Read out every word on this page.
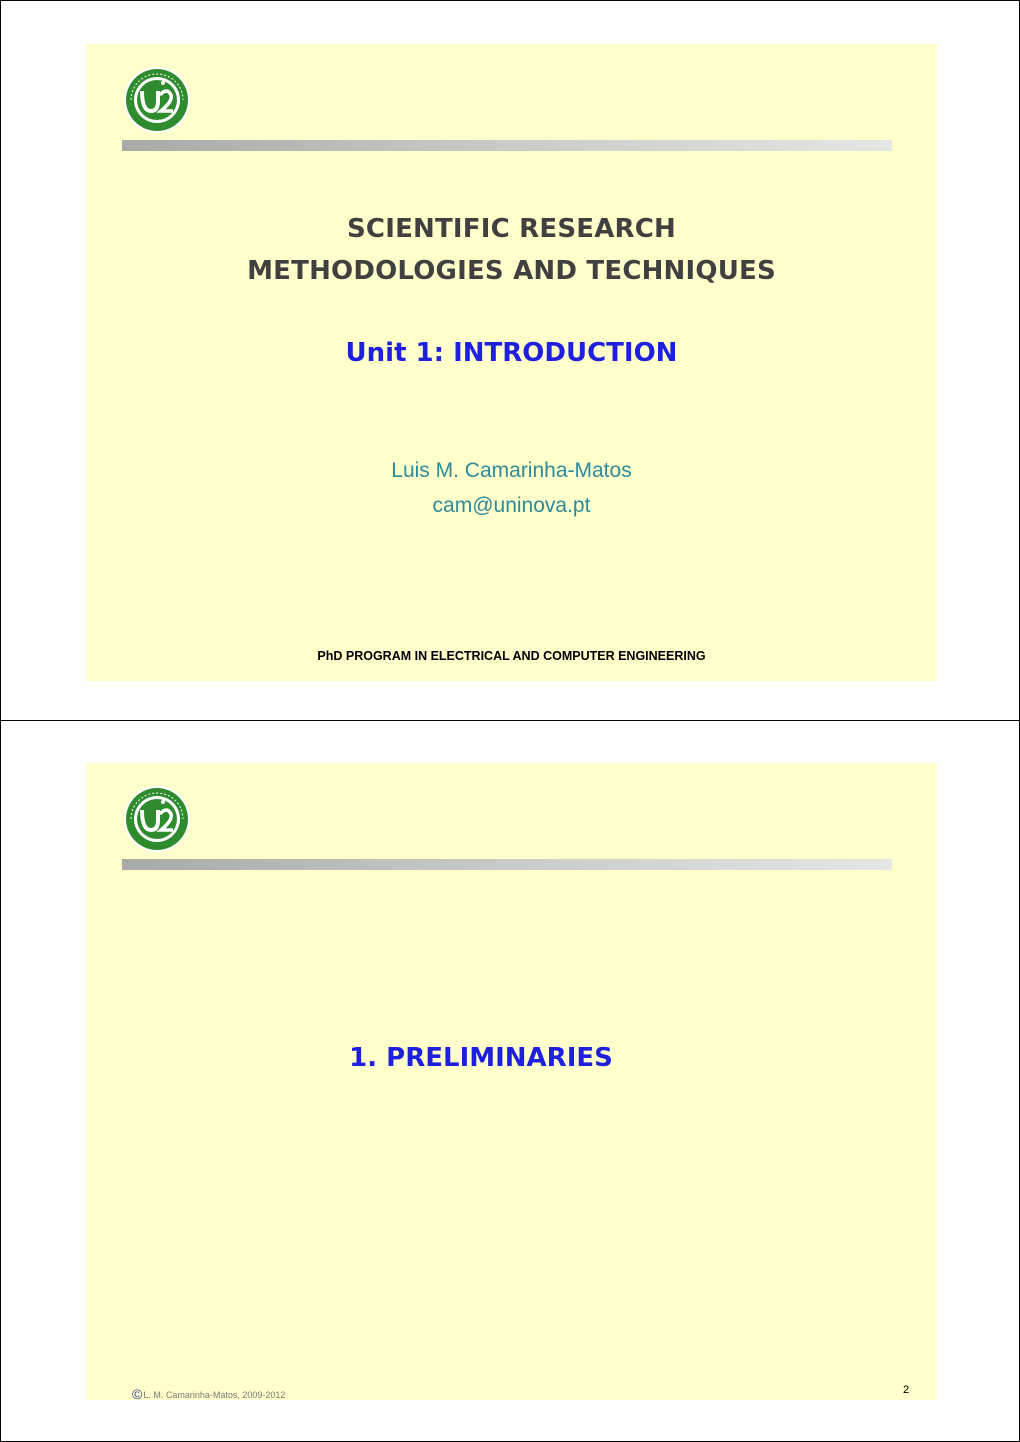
SCIENTIFIC RESEARCH
METHODOLOGIES AND TECHNIQUES
Unit 1: INTRODUCTION
Luis M. Camarinha-Matos
cam@uninova.pt
PhD PROGRAM IN ELECTRICAL AND COMPUTER ENGINEERING
1. PRELIMINARIES
©L. M. Camarinha-Matos, 2009-2012	2
